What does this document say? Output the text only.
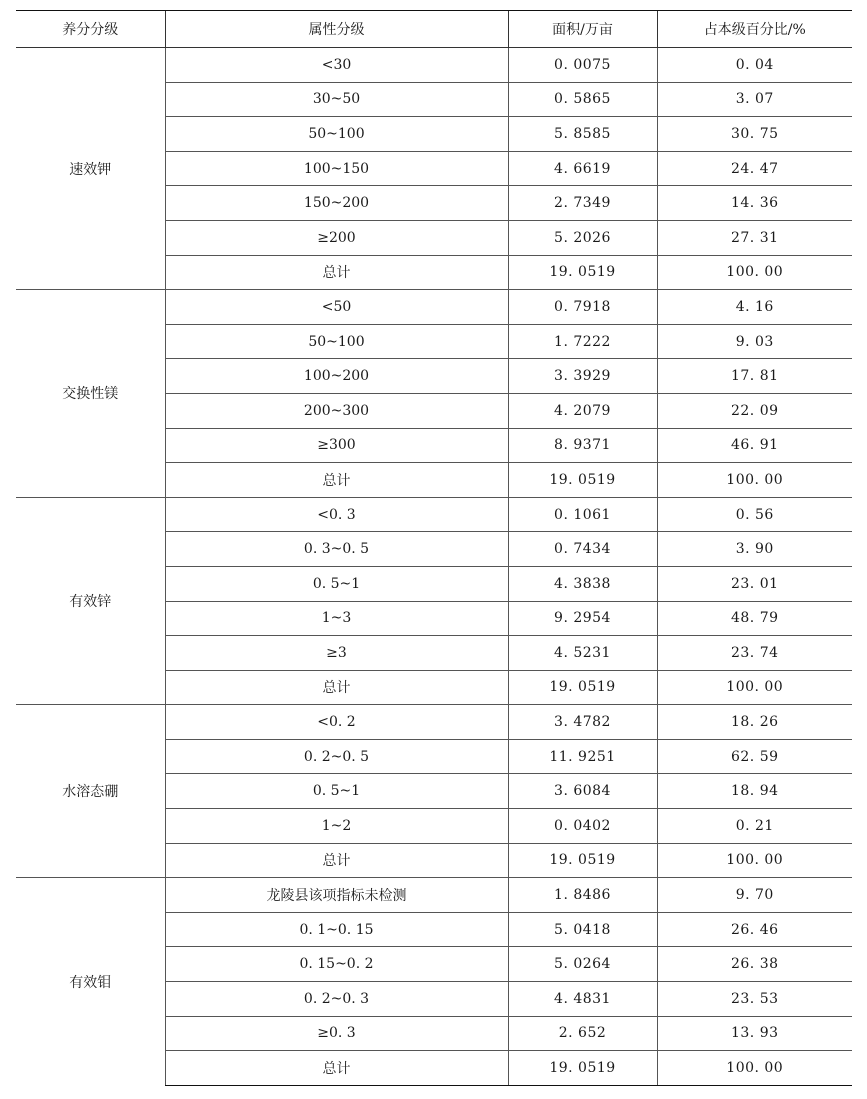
养分分级	属性分级	面积/万亩	占本级百分比/%
速效钾	<30	0. 0075	0. 04
	30~50	0. 5865	3. 07
	50~100	5. 8585	30. 75
	100~150	4. 6619	24. 47
	150~200	2. 7349	14. 36
	≥200	5. 2026	27. 31
	总计	19. 0519	100. 00
交换性镁	<50	0. 7918	4. 16
	50~100	1. 7222	9. 03
	100~200	3. 3929	17. 81
	200~300	4. 2079	22. 09
	≥300	8. 9371	46. 91
	总计	19. 0519	100. 00
有效锌	<0. 3	0. 1061	0. 56
	0. 3~0. 5	0. 7434	3. 90
	0. 5~1	4. 3838	23. 01
	1~3	9. 2954	48. 79
	≥3	4. 5231	23. 74
	总计	19. 0519	100. 00
水溶态硼	<0. 2	3. 4782	18. 26
	0. 2~0. 5	11. 9251	62. 59
	0. 5~1	3. 6084	18. 94
	1~2	0. 0402	0. 21
	总计	19. 0519	100. 00
有效钼	龙陵县该项指标未检测	1. 8486	9. 70
	0. 1~0. 15	5. 0418	26. 46
	0. 15~0. 2	5. 0264	26. 38
	0. 2~0. 3	4. 4831	23. 53
	≥0. 3	2. 652	13. 93
	总计	19. 0519	100. 00
